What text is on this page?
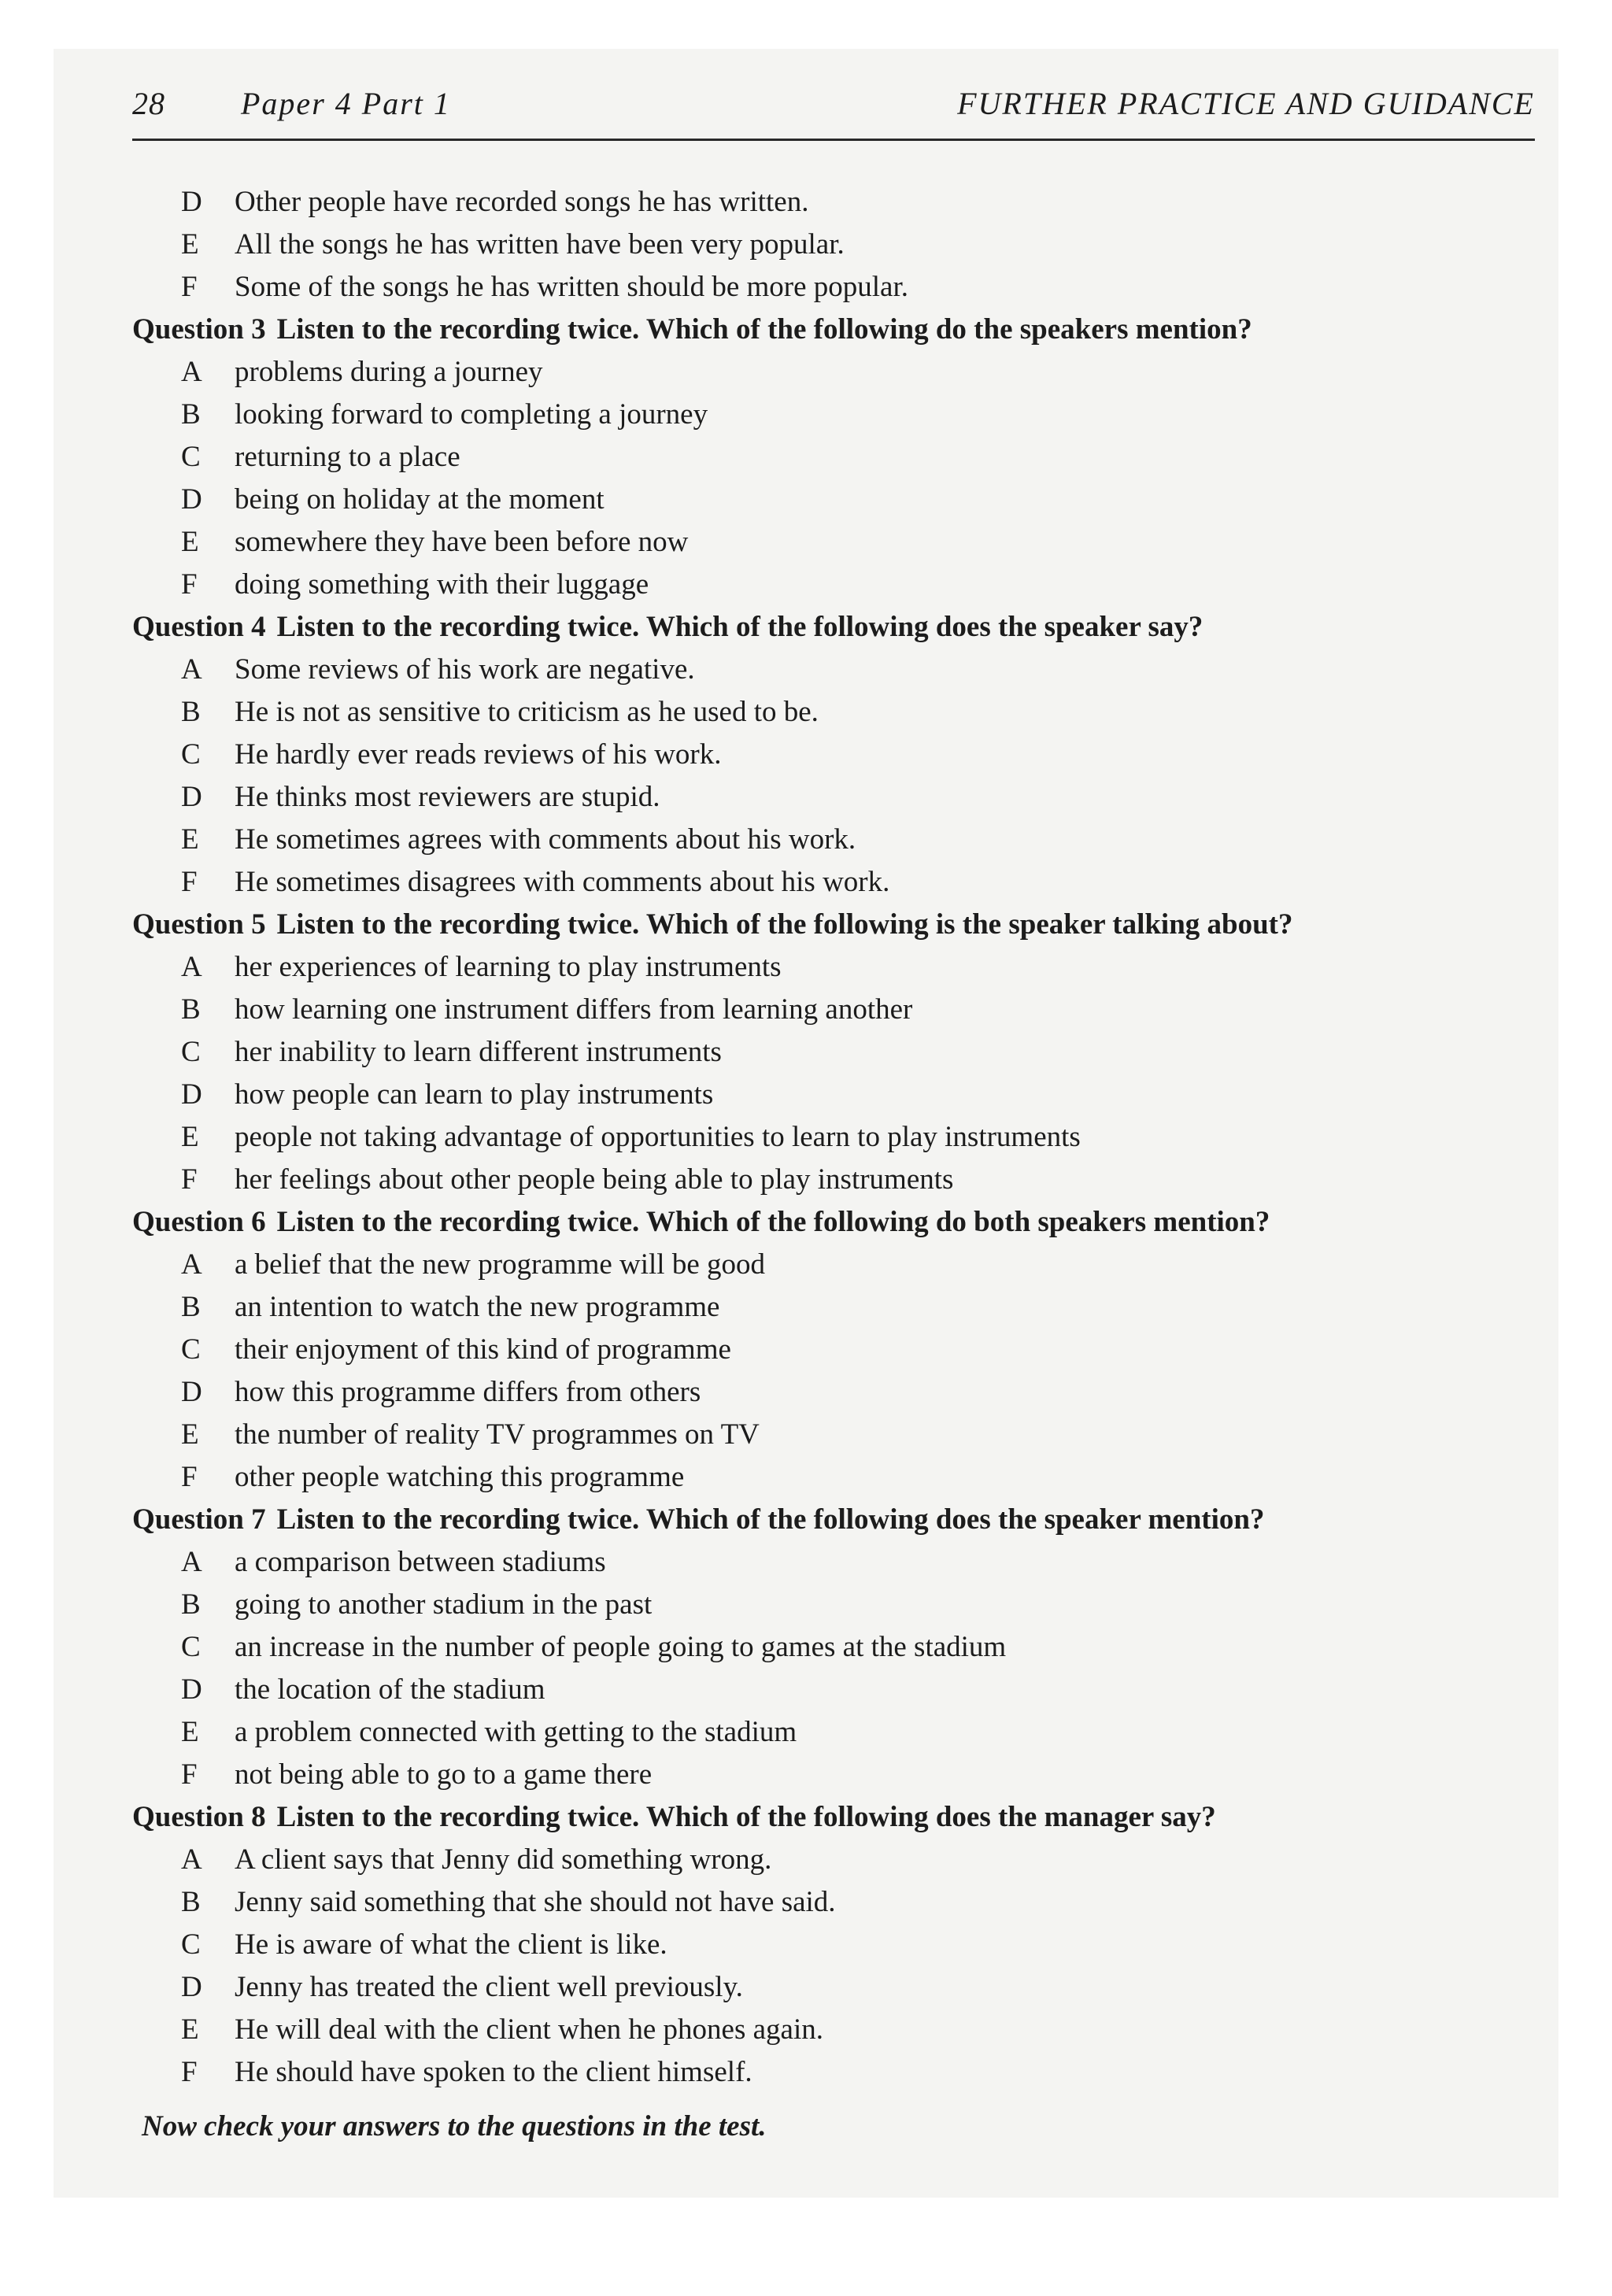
28 Paper 4 Part 1	FURTHER PRACTICE AND GUIDANCE
D Other people have recorded songs he has written.
E All the songs he has written have been very popular.
F Some of the songs he has written should be more popular.
Question 3 Listen to the recording twice. Which of the following do the speakers mention?
A problems during a journey
B looking forward to completing a journey
C returning to a place
D being on holiday at the moment
E somewhere they have been before now
F doing something with their luggage
Question 4 Listen to the recording twice. Which of the following does the speaker say?
A Some reviews of his work are negative.
B He is not as sensitive to criticism as he used to be.
C He hardly ever reads reviews of his work.
D He thinks most reviewers are stupid.
E He sometimes agrees with comments about his work.
F He sometimes disagrees with comments about his work.
Question 5 Listen to the recording twice. Which of the following is the speaker talking about?
A her experiences of learning to play instruments
B how learning one instrument differs from learning another
C her inability to learn different instruments
D how people can learn to play instruments
E people not taking advantage of opportunities to learn to play instruments
F her feelings about other people being able to play instruments
Question 6 Listen to the recording twice. Which of the following do both speakers mention?
A a belief that the new programme will be good
B an intention to watch the new programme
C their enjoyment of this kind of programme
D how this programme differs from others
E the number of reality TV programmes on TV
F other people watching this programme
Question 7 Listen to the recording twice. Which of the following does the speaker mention?
A a comparison between stadiums
B going to another stadium in the past
C an increase in the number of people going to games at the stadium
D the location of the stadium
E a problem connected with getting to the stadium
F not being able to go to a game there
Question 8 Listen to the recording twice. Which of the following does the manager say?
A A client says that Jenny did something wrong.
B Jenny said something that she should not have said.
C He is aware of what the client is like.
D Jenny has treated the client well previously.
E He will deal with the client when he phones again.
F He should have spoken to the client himself.
Now check your answers to the questions in the test.
